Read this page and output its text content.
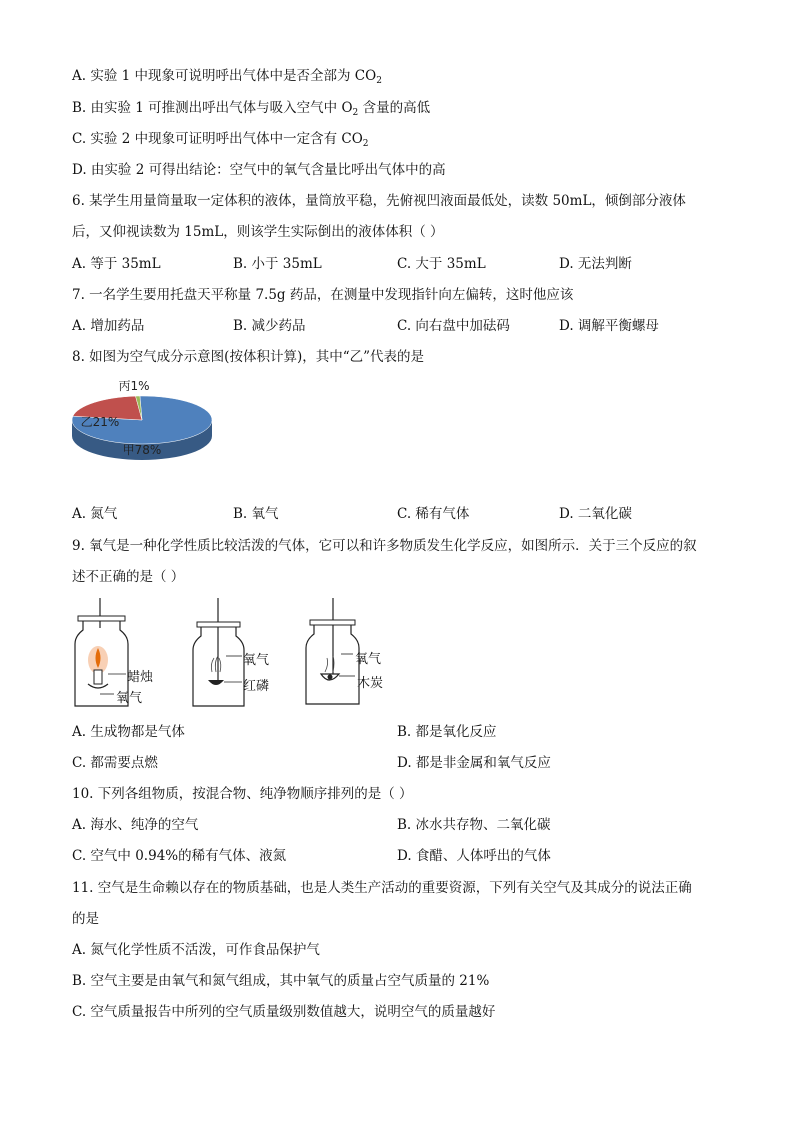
A. 实验 1 中现象可说明呼出气体中是否全部为 $CO_2$
B. 由实验 1 可推测出呼出气体与吸入空气中 $O_2$ 含量的高低
C. 实验 2 中现象可证明呼出气体中一定含有 $CO_2$
D. 由实验 2 可得出结论：空气中的氧气含量比呼出气体中的高
6. 某学生用量筒量取一定体积的液体，量筒放平稳，先俯视凹液面最低处，读数 50mL，倾倒部分液体
后，又仰视读数为 15mL，则该学生实际倒出的液体体积（ ）
A. 等于 35mL	B. 小于 35mL	C. 大于 35mL	D. 无法判断
7. 一名学生要用托盘天平称量 7.5g 药品，在测量中发现指针向左偏转，这时他应该
A. 增加药品	B. 减少药品	C. 向右盘中加砝码	D. 调解平衡螺母
8. 如图为空气成分示意图(按体积计算)，其中“乙”代表的是
甲78%
乙21%
丙1%
A. 氮气	B. 氧气	C. 稀有气体	D. 二氧化碳
9. 氧气是一种化学性质比较活泼的气体，它可以和许多物质发生化学反应，如图所示．关于三个反应的叙
述不正确的是（ ）
蜡烛
氧气
氧气
红磷
氧气
木炭
A. 生成物都是气体	B. 都是氧化反应
C. 都需要点燃	D. 都是非金属和氧气反应
10. 下列各组物质，按混合物、纯净物顺序排列的是（ ）
A. 海水、纯净的空气	B. 冰水共存物、二氧化碳
C. 空气中 0.94%的稀有气体、液氮	D. 食醋、人体呼出的气体
11. 空气是生命赖以存在的物质基础，也是人类生产活动的重要资源，下列有关空气及其成分的说法正确
的是
A. 氮气化学性质不活泼，可作食品保护气
B. 空气主要是由氧气和氮气组成，其中氧气的质量占空气质量的 21%
C. 空气质量报告中所列的空气质量级别数值越大，说明空气的质量越好
